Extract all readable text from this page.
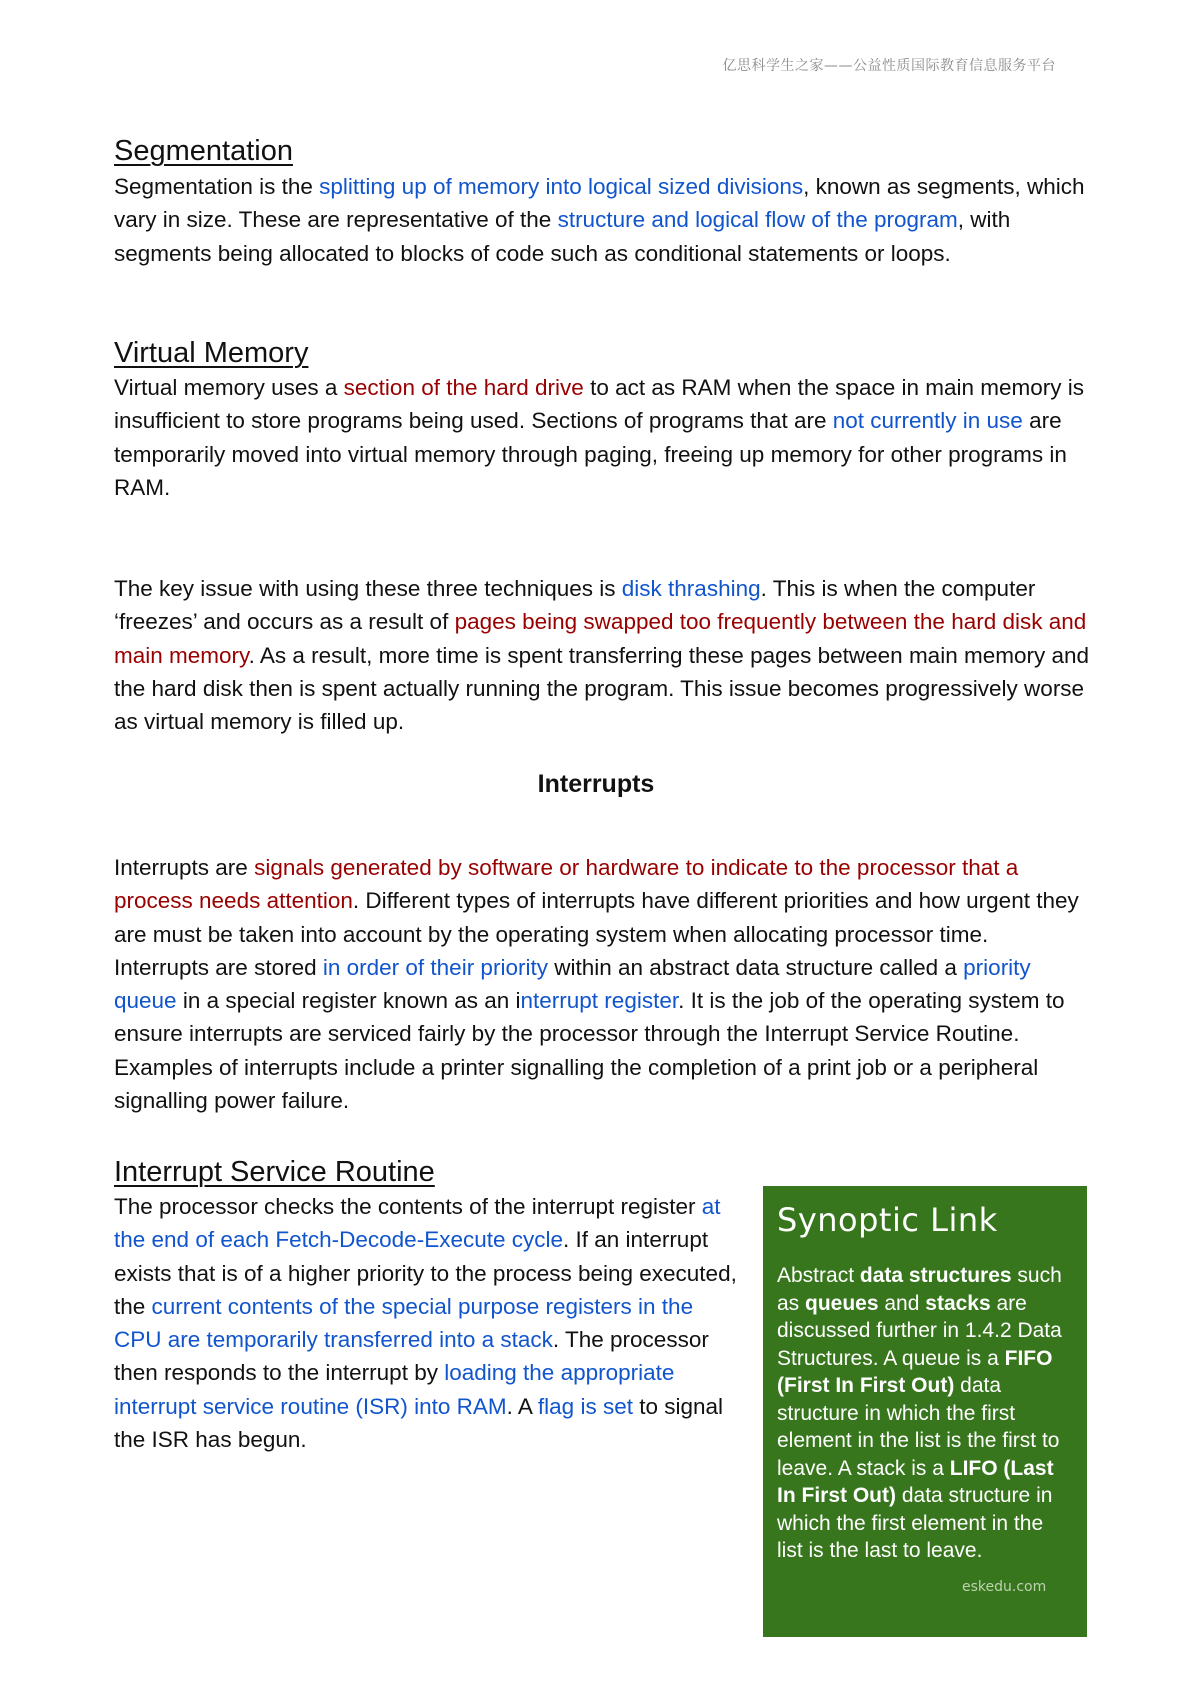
亿思科学生之家——公益性质国际教育信息服务平台
Segmentation
Segmentation is the splitting up of memory into logical sized divisions, known as segments, which vary in size. These are representative of the structure and logical flow of the program, with segments being allocated to blocks of code such as conditional statements or loops.
Virtual Memory
Virtual memory uses a section of the hard drive to act as RAM when the space in main memory is insufficient to store programs being used. Sections of programs that are not currently in use are temporarily moved into virtual memory through paging, freeing up memory for other programs in RAM.
The key issue with using these three techniques is disk thrashing. This is when the computer ‘freezes’ and occurs as a result of pages being swapped too frequently between the hard disk and main memory. As a result, more time is spent transferring these pages between main memory and the hard disk then is spent actually running the program. This issue becomes progressively worse as virtual memory is filled up.
Interrupts
Interrupts are signals generated by software or hardware to indicate to the processor that a process needs attention. Different types of interrupts have different priorities and how urgent they are must be taken into account by the operating system when allocating processor time. Interrupts are stored in order of their priority within an abstract data structure called a priority queue in a special register known as an interrupt register. It is the job of the operating system to ensure interrupts are serviced fairly by the processor through the Interrupt Service Routine. Examples of interrupts include a printer signalling the completion of a print job or a peripheral signalling power failure.
Interrupt Service Routine
The processor checks the contents of the interrupt register at the end of each Fetch-Decode-Execute cycle. If an interrupt exists that is of a higher priority to the process being executed, the current contents of the special purpose registers in the CPU are temporarily transferred into a stack. The processor then responds to the interrupt by loading the appropriate interrupt service routine (ISR) into RAM. A flag is set to signal the ISR has begun.
Synoptic Link
Abstract data structures such as queues and stacks are discussed further in 1.4.2 Data Structures. A queue is a FIFO (First In First Out) data structure in which the first element in the list is the first to leave. A stack is a LIFO (Last In First Out) data structure in which the first element in the list is the last to leave.
eskedu.com
